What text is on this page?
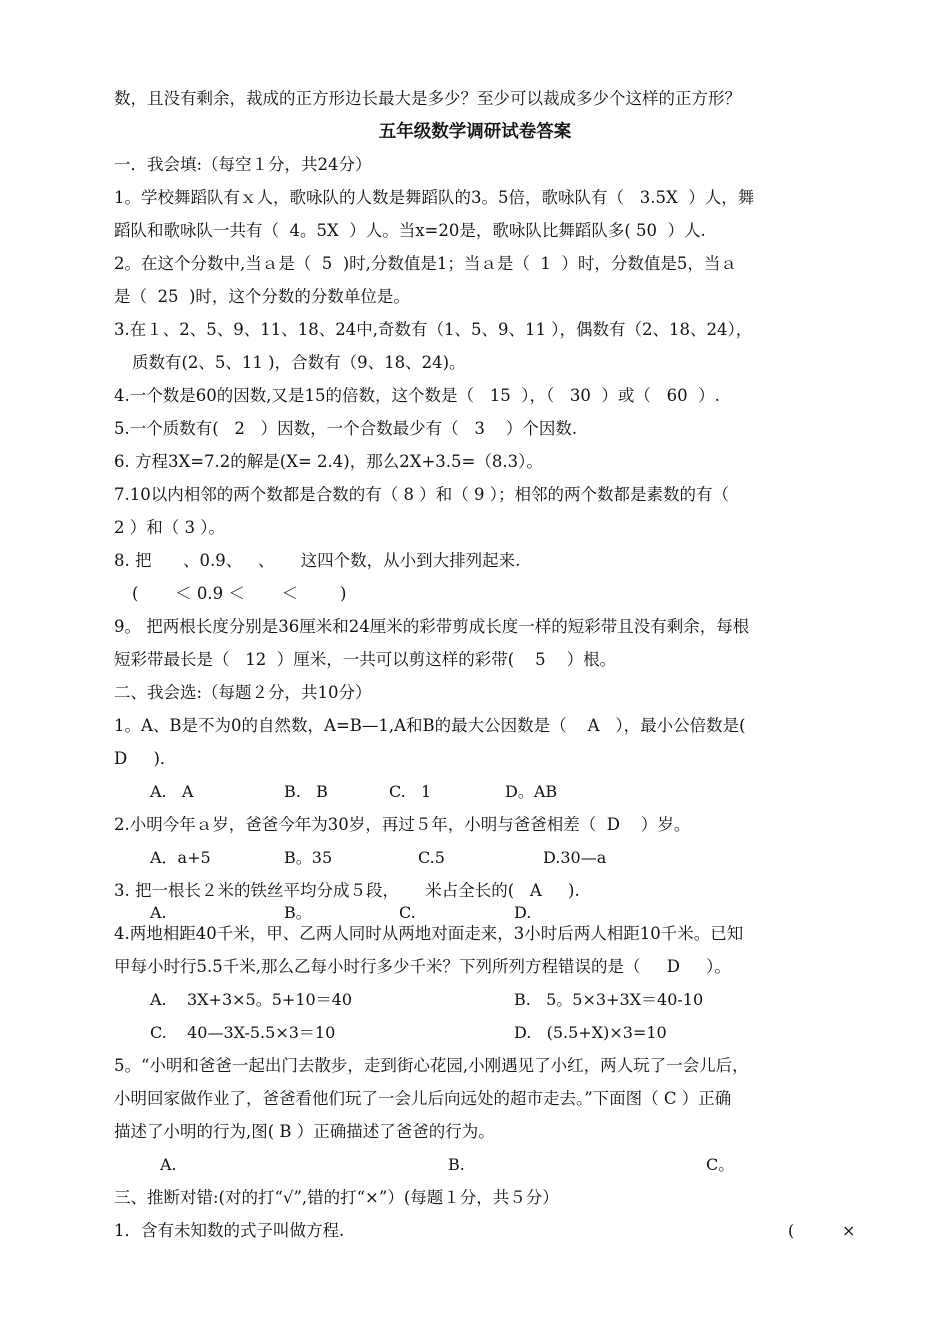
数，且没有剩余，裁成的正方形边长最大是多少？至少可以裁成多少个这样的正方形？
五年级数学调研试卷答案
一．我会填:（每空１分，共24分）
1。学校舞蹈队有ｘ人，歌咏队的人数是舞蹈队的3。5倍，歌咏队有（   3.5X  ）人，舞
蹈队和歌咏队一共有（  4。5X  ）人。当x=20是，歌咏队比舞蹈队多( 50  ）人.
2。在这个分数中,当ａ是（  5  )时,分数值是1；当ａ是（  1  ）时，分数值是5，当ａ
是（  25  )时，这个分数的分数单位是。
3.在１、2、5、9、11、18、24中,奇数有（1、5、9、11 ），偶数有（2、18、24），
质数有(2、5、11 )，合数有（9、18、24)。
4.一个数是60的因数,又是15的倍数，这个数是（   15  ），（   30  ）或（   60  ）.
5.一个质数有(   2   ）因数，一个合数最少有（   3    ）个因数.
6. 方程3X=7.2的解是(X= 2.4)，那么2X+3.5=（8.3）。
7.10以内相邻的两个数都是合数的有（ 8 ）和（ 9 ）；相邻的两个数都是素数的有（
2 ）和（ 3 ）。
8. 把      、0.9、   、     这四个数，从小到大排列起来.
(       ＜ 0.9 ＜       ＜        )
9。 把两根长度分别是36厘米和24厘米的彩带剪成长度一样的短彩带且没有剩余，每根
短彩带最长是（   12  ）厘米，一共可以剪这样的彩带(    5    ）根。
二、我会选:（每题２分，共10分）
1。A、B是不为0的自然数，A=B—1,A和B的最大公因数是（    A   ），最小公倍数是(
D     )．
A.   A	B.   B	C.   1	D。AB
2.小明今年ａ岁，爸爸今年为30岁，再过５年，小明与爸爸相差（  D    ）岁。
A．a+5	B。35	C.5	D.30—a
3. 把一根长２米的铁丝平均分成５段，     米占全长的(   A     ).
A.	B。	C.	D.
4.两地相距40千米，甲、乙两人同时从两地对面走来，3小时后两人相距10千米。已知
甲每小时行5.5千米,那么乙每小时行多少千米？下列所列方程错误的是（     D     ）。
A.    3X+3×5。5+10＝40	B.   5。5×3+3X＝40-10
C.    40—3X-5.5×3＝10	D.   (5.5+X)×3=10
5。“小明和爸爸一起出门去散步，走到街心花园,小刚遇见了小红，两人玩了一会儿后，
小明回家做作业了，爸爸看他们玩了一会儿后向远处的超市走去。”下面图（ C ）正确
描述了小明的行为,图( B ）正确描述了爸爸的行为。
A.	B.	C。
三、推断对错:(对的打“√”,错的打“×”）(每题１分，共５分）
1．含有未知数的式子叫做方程.	(	×
